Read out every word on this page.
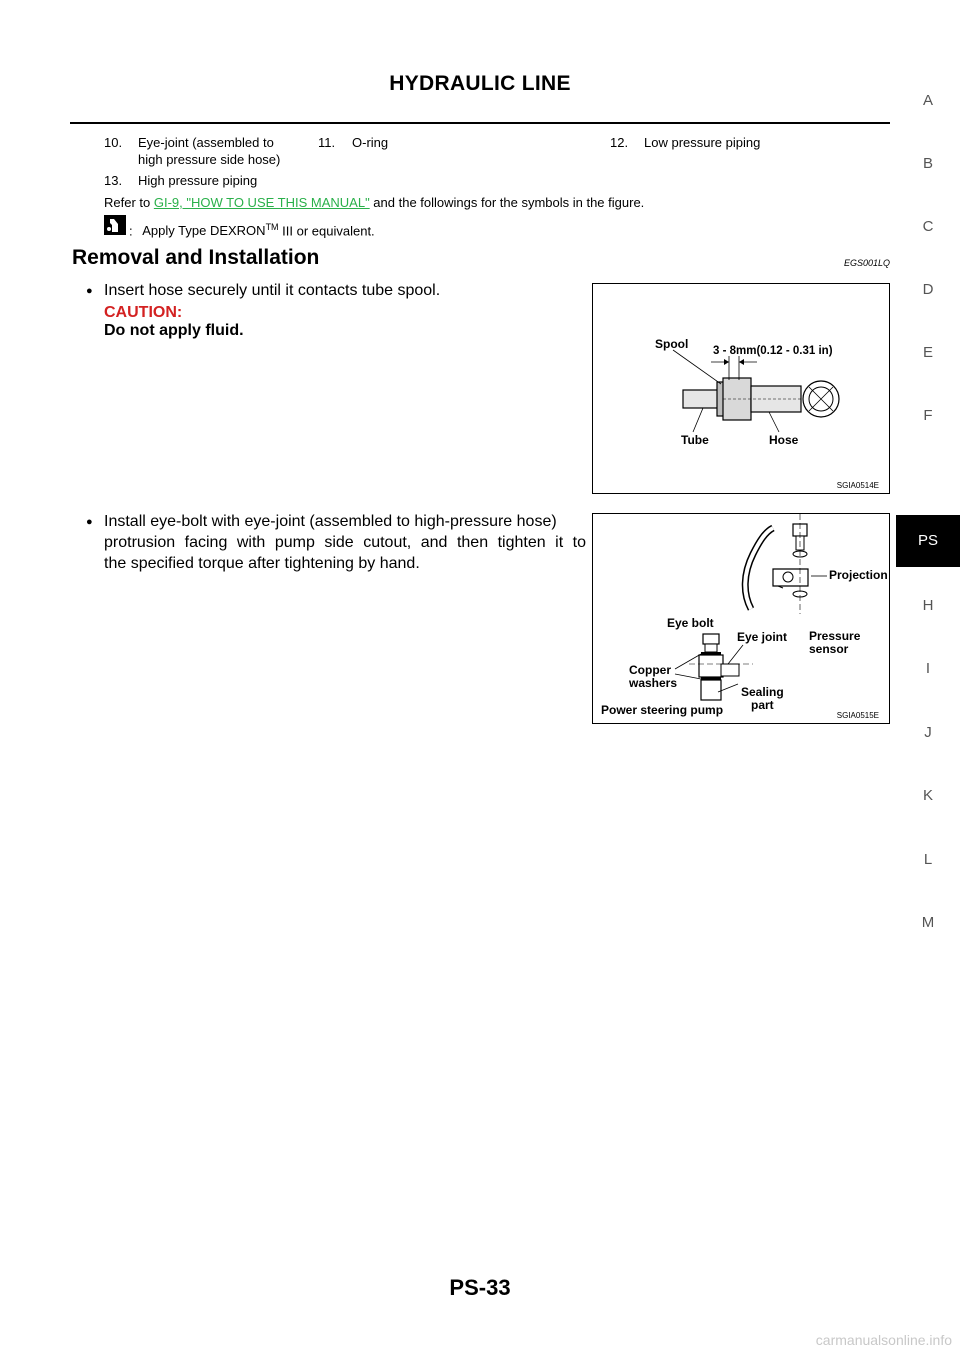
HYDRAULIC LINE
10. Eye-joint (assembled to
high pressure side hose)
11. O-ring	12. Low pressure piping
13. High pressure piping
Refer to GI-9, "HOW TO USE THIS MANUAL" and the followings for the symbols in the figure.
: Apply Type DEXRON™ III or equivalent.
Removal and Installation	EGS001LQ
● Insert hose securely until it contacts tube spool.
CAUTION:
Do not apply fluid.
● Install eye-bolt with eye-joint (assembled to high-pressure hose)
protrusion facing with pump side cutout, and then tighten it to
the specified torque after tightening by hand.
Spool 3 - 8mm(0.12 - 0.31 in)
Tube	Hose
SGIA0514E
Projection
Eye bolt
Eye joint Pressure
sensor
Copper
washers
Sealing
part
Power steering pump	SGIA0515E
A
B
C
D
E
F
PS
H
I
J
K
L
M
PS-33
carmanualsonline.info
